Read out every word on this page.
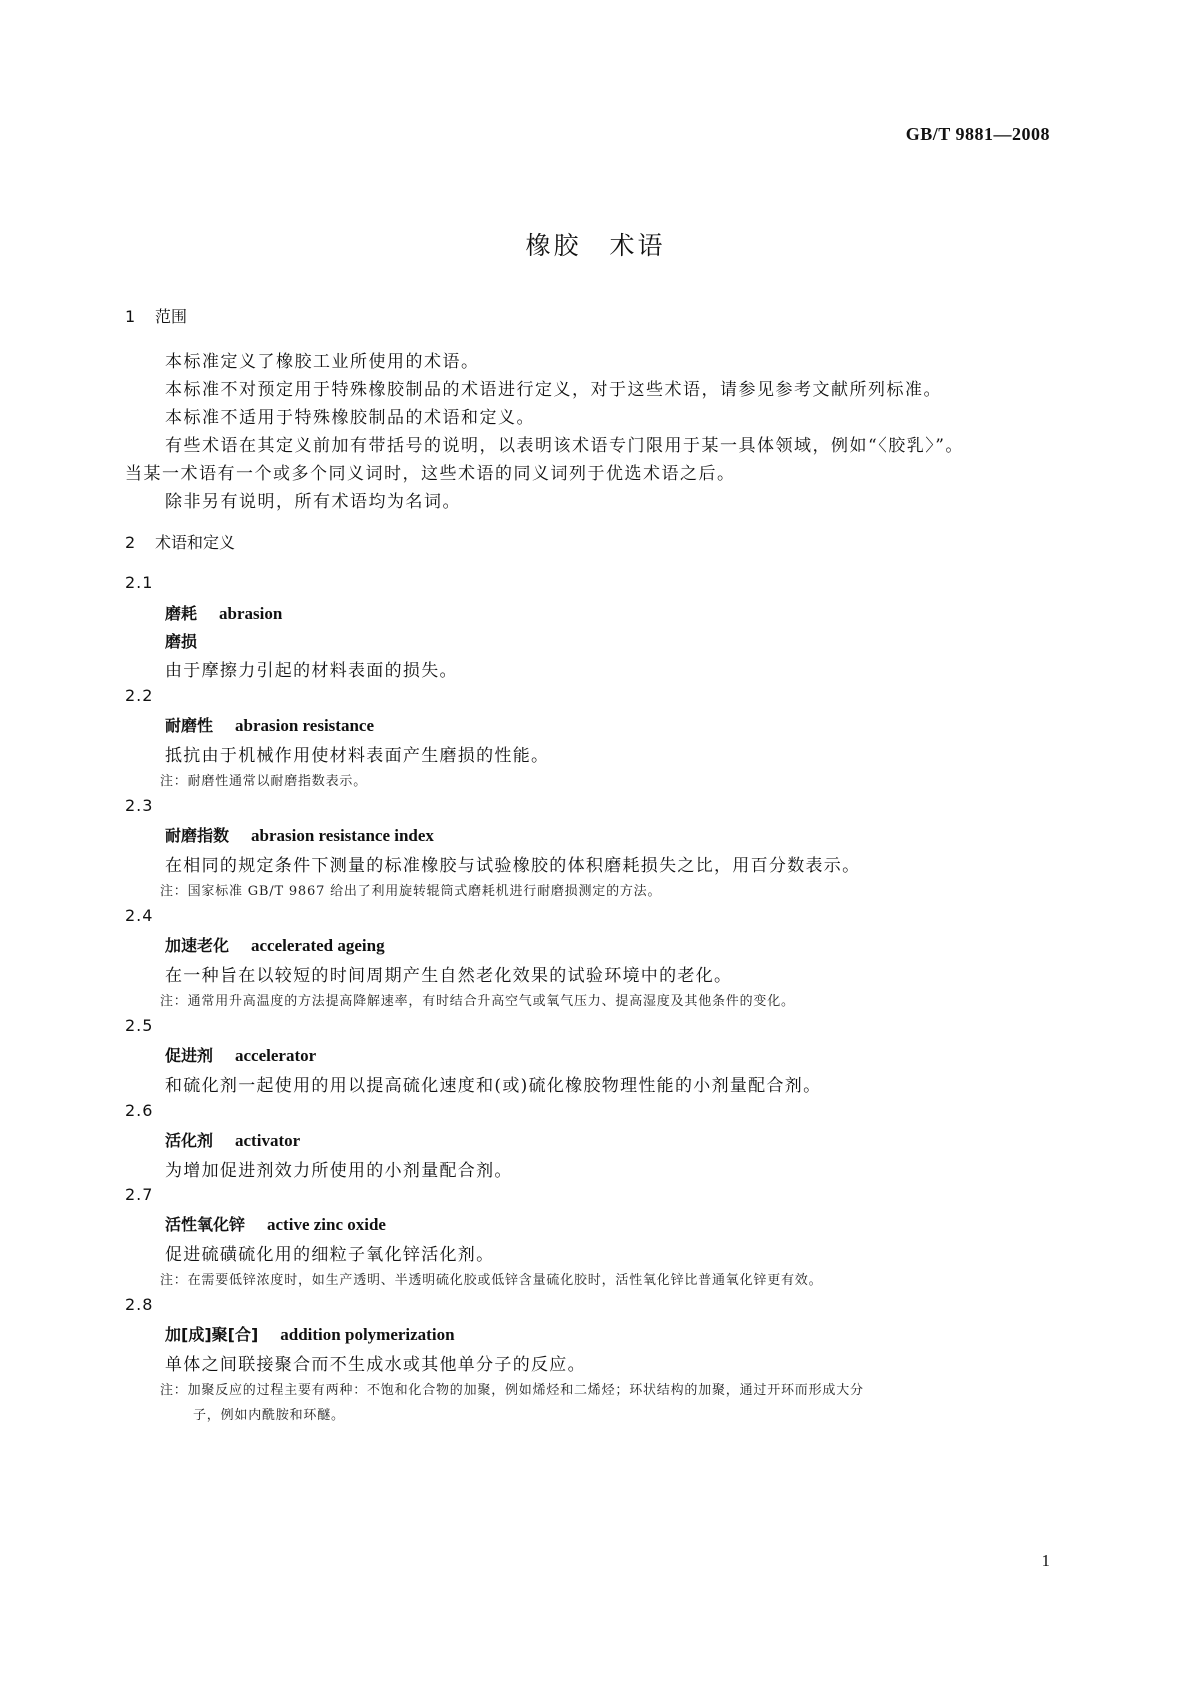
GB/T 9881—2008
橡胶　术语
1 范围
本标准定义了橡胶工业所使用的术语。
本标准不对预定用于特殊橡胶制品的术语进行定义，对于这些术语，请参见参考文献所列标准。
本标准不适用于特殊橡胶制品的术语和定义。
有些术语在其定义前加有带括号的说明，以表明该术语专门限用于某一具体领域，例如“〈胶乳〉”。
当某一术语有一个或多个同义词时，这些术语的同义词列于优选术语之后。
除非另有说明，所有术语均为名词。
2 术语和定义
2.1
磨耗 abrasion
磨损
由于摩擦力引起的材料表面的损失。
2.2
耐磨性 abrasion resistance
抵抗由于机械作用使材料表面产生磨损的性能。
注：耐磨性通常以耐磨指数表示。
2.3
耐磨指数 abrasion resistance index
在相同的规定条件下测量的标准橡胶与试验橡胶的体积磨耗损失之比，用百分数表示。
注：国家标准 GB/T 9867 给出了利用旋转辊筒式磨耗机进行耐磨损测定的方法。
2.4
加速老化 accelerated ageing
在一种旨在以较短的时间周期产生自然老化效果的试验环境中的老化。
注：通常用升高温度的方法提高降解速率，有时结合升高空气或氧气压力、提高湿度及其他条件的变化。
2.5
促进剂 accelerator
和硫化剂一起使用的用以提高硫化速度和(或)硫化橡胶物理性能的小剂量配合剂。
2.6
活化剂 activator
为增加促进剂效力所使用的小剂量配合剂。
2.7
活性氧化锌 active zinc oxide
促进硫磺硫化用的细粒子氧化锌活化剂。
注：在需要低锌浓度时，如生产透明、半透明硫化胶或低锌含量硫化胶时，活性氧化锌比普通氧化锌更有效。
2.8
加[成]聚[合] addition polymerization
单体之间联接聚合而不生成水或其他单分子的反应。
注：加聚反应的过程主要有两种：不饱和化合物的加聚，例如烯烃和二烯烃；环状结构的加聚，通过开环而形成大分
子，例如内酰胺和环醚。
1
